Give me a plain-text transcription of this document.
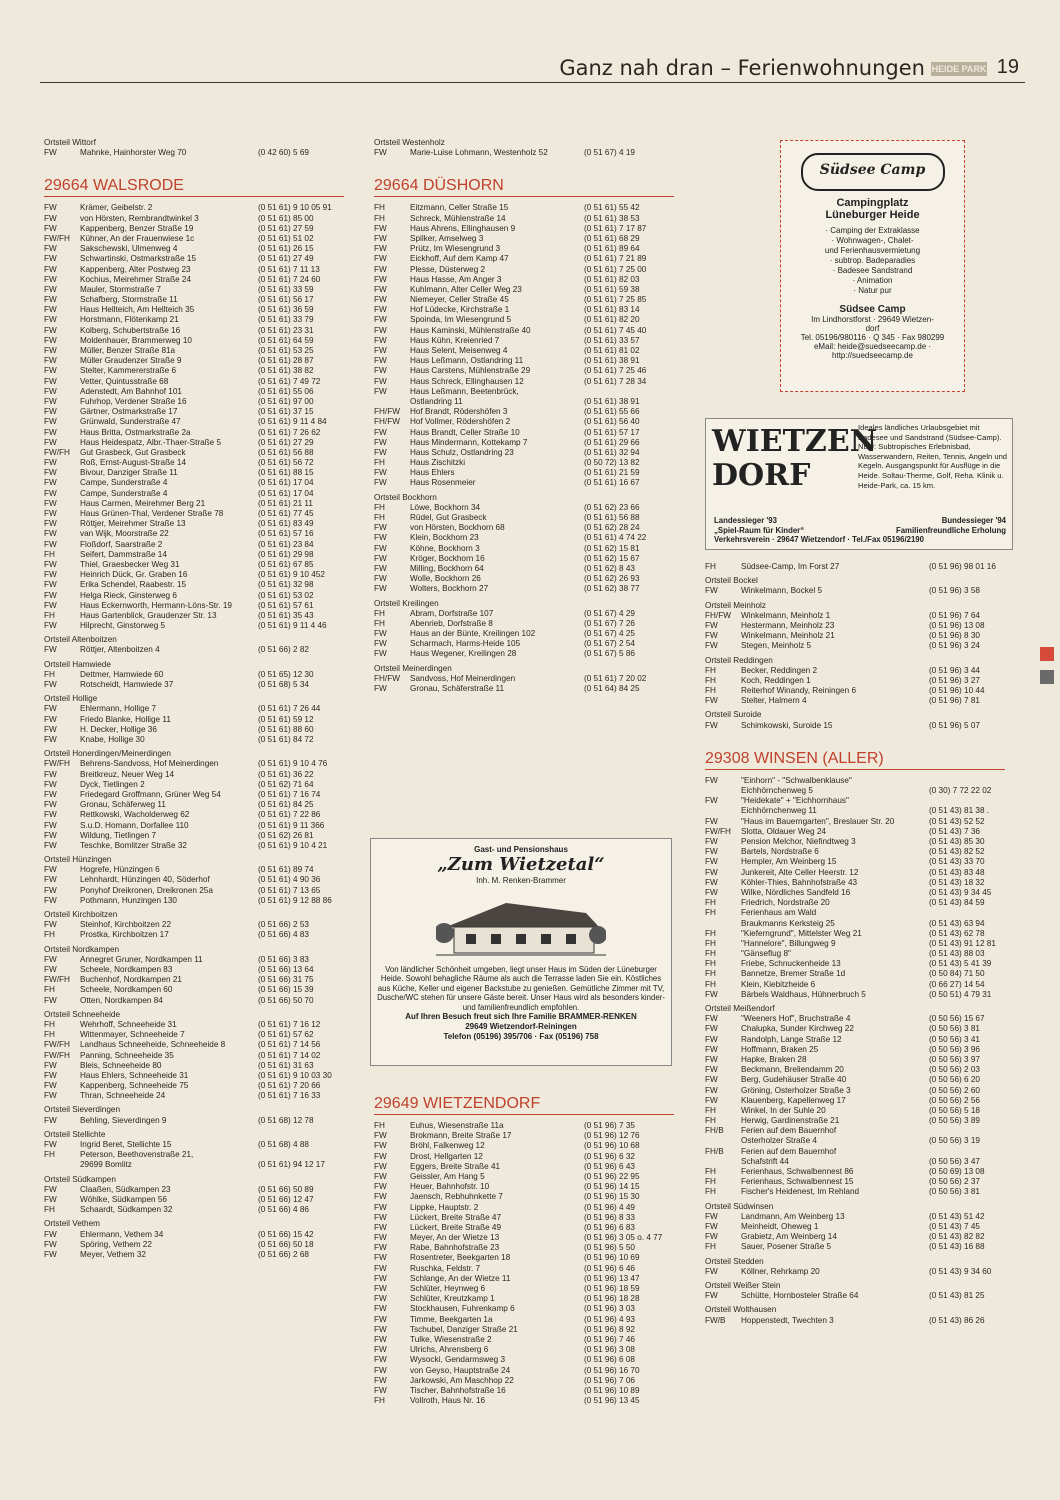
Ganz nah dran – Ferienwohnungen HEIDE PARK 19
Ortsteil Wittorf
FW	Mahnke, Hainhorster Weg 70	(0 42 60) 5 69
29664 WALSRODE
FW	Krämer, Geibelstr. 2	(0 51 61) 9 10 05 91
FW	von Hörsten, Rembrandtwinkel 3	(0 51 61) 85 00
FW	Kappenberg, Benzer Straße 19	(0 51 61) 27 59
FW/FH	Kühner, An der Frauenwiese 1c	(0 51 61) 51 02
FW	Sakschewski, Ulmenweg 4	(0 51 61) 26 15
FW	Schwartinski, Ostmarkstraße 15	(0 51 61) 27 49
FW	Kappenberg, Alter Postweg 23	(0 51 61) 7 11 13
FW	Kochius, Meirehmer Straße 24	(0 51 61) 7 24 60
FW	Mauler, Stormstraße 7	(0 51 61) 33 59
FW	Schafberg, Stormstraße 11	(0 51 61) 56 17
FW	Haus Hellteich, Am Hellteich 35	(0 51 61) 36 59
FW	Horstmann, Flötenkamp 21	(0 51 61) 33 79
FW	Kolberg, Schubertstraße 16	(0 51 61) 23 31
FW	Moldenhauer, Brammerweg 10	(0 51 61) 64 59
FW	Müller, Benzer Straße 81a	(0 51 61) 53 25
FW	Müller Graudenzer Straße 9	(0 51 61) 28 87
FW	Stelter, Kammererstraße 6	(0 51 61) 38 82
FW	Vetter, Quintusstraße 68	(0 51 61) 7 49 72
FW	Adenstedt, Am Bahnhof 101	(0 51 61) 55 06
FW	Fuhrhop, Verdener Straße 16	(0 51 61) 97 00
FW	Gärtner, Ostmarkstraße 17	(0 51 61) 37 15
FW	Grünwald, Sunderstraße 47	(0 51 61) 9 11 4 84
FW	Haus Britta, Ostmarkstraße 2a	(0 51 61) 7 26 62
FW	Haus Heidespatz, Albr.-Thaer-Straße 5	(0 51 61) 27 29
FW/FH	Gut Grasbeck, Gut Grasbeck	(0 51 61) 56 88
FW	Roß, Ernst-August-Straße 14	(0 51 61) 56 72
FW	Bivour, Danziger Straße 11	(0 51 61) 88 15
FW	Campe, Sunderstraße 4	(0 51 61) 17 04
FW	Campe, Sunderstraße 4	(0 51 61) 17 04
FW	Haus Carmen, Meirehmer Berg 21	(0 51 61) 21 11
FW	Haus Grünen-Thal, Verdener Straße 78	(0 51 61) 77 45
FW	Röttjer, Meirehmer Straße 13	(0 51 61) 83 49
FW	van Wijk, Moorstraße 22	(0 51 61) 57 16
FW	Floßdorf, Saarstraße 2	(0 51 61) 23 84
FH	Seifert, Dammstraße 14	(0 51 61) 29 98
FW	Thiel, Graesbecker Weg 31	(0 51 61) 67 85
FW	Heinrich Dück, Gr. Graben 16	(0 51 61) 9 10 452
FW	Erika Schendel, Raabestr. 15	(0 51 61) 32 98
FW	Helga Rieck, Ginsterweg 6	(0 51 61) 53 02
FW	Haus Eckernworth, Hermann-Löns-Str. 19	(0 51 61) 57 61
FH	Haus Gartenblick, Graudenzer Str. 13	(0 51 61) 35 43
FW	Hilprecht, Ginstorweg 5	(0 51 61) 9 11 4 46
Ortsteil Altenboitzen
FW	Röttjer, Altenboitzen 4	(0 51 66) 2 82
Ortsteil Hamwiede
FH	Dettmer, Hamwiede 60	(0 51 65) 12 30
FW	Rotscheidt, Hamwiede 37	(0 51 68) 5 34
Ortsteil Hollige
FW	Ehlermann, Hollige 7	(0 51 61) 7 26 44
FW	Friedo Blanke, Hollige 11	(0 51 61) 59 12
FW	H. Decker, Hollige 36	(0 51 61) 88 60
FW	Knabe, Hollige 30	(0 51 61) 84 72
Ortsteil Honerdingen/Meinerdingen
FW/FH	Behrens-Sandvoss, Hof Meinerdingen	(0 51 61) 9 10 4 76
FW	Breitkreuz, Neuer Weg 14	(0 51 61) 36 22
FW	Dyck, Tietlingen 2	(0 51 62) 71 64
FW	Friedegard Groffmann, Grüner Weg 54	(0 51 61) 7 16 74
FW	Gronau, Schäferweg 11	(0 51 61) 84 25
FW	Rettkowski, Wacholderweg 62	(0 51 61) 7 22 86
FW	S.u.D. Homann, Dorfallee 110	(0 51 61) 9 11 366
FW	Wildung, Tietlingen 7	(0 51 62) 26 81
FW	Teschke, Bomlitzer Straße 32	(0 51 61) 9 10 4 21
Ortsteil Hünzingen
FW	Hogrefe, Hünzingen 6	(0 51 61) 89 74
FW	Lehnhardt, Hünzingen 40, Söderhof	(0 51 61) 4 90 36
FW	Ponyhof Dreikronen, Dreikronen 25a	(0 51 61) 7 13 65
FW	Pothmann, Hunzingen 130	(0 51 61) 9 12 88 86
Ortsteil Kirchboitzen
FW	Steinhof, Kirchboitzen 22	(0 51 66) 2 53
FH	Prostka, Kirchboitzen 17	(0 51 66) 4 83
Ortsteil Nordkampen
FW	Annegret Gruner, Nordkampen 11	(0 51 66) 3 83
FW	Scheele, Nordkampen 83	(0 51 66) 13 64
FW/FH	Buchenhof, Nordkampen 21	(0 51 66) 31 75
FH	Scheele, Nordkampen 60	(0 51 66) 15 39
FW	Otten, Nordkampen 84	(0 51 66) 50 70
Ortsteil Schneeheide
FH	Wehrhoff, Schneeheide 31	(0 51 61) 7 16 12
FH	Wittenmayer, Schneeheide 7	(0 51 61) 57 62
FW/FH	Landhaus Schneeheide, Schneeheide 8	(0 51 61) 7 14 56
FW/FH	Panning, Schneeheide 35	(0 51 61) 7 14 02
FW	Bleis, Schneeheide 80	(0 51 61) 31 63
FW	Haus Ehlers, Schneeheide 31	(0 51 61) 9 10 03 30
FW	Kappenberg, Schneeheide 75	(0 51 61) 7 20 66
FW	Thran, Schneeheide 24	(0 51 61) 7 16 33
Ortsteil Sieverdingen
FW	Behling, Sieverdingen 9	(0 51 68) 12 78
Ortsteil Stellichte
FW	Ingrid Beret, Stellichte 15	(0 51 68) 4 88
FH	Peterson, Beethovenstraße 21,
29699 Bomlitz	(0 51 61) 94 12 17
Ortsteil Südkampen
FW	Claaßen, Südkampen 23	(0 51 66) 50 89
FW	Wöhlke, Südkampen 56	(0 51 66) 12 47
FH	Schaardt, Südkampen 32	(0 51 66) 4 86
Ortsteil Vethem
FW	Ehlermann, Vethem 34	(0 51 66) 15 42
FW	Spöring, Vethem 22	(0 51 66) 50 18
FW	Meyer, Vethem 32	(0 51 66) 2 68
Ortsteil Westenholz
FW	Marie-Luise Lohmann, Westenholz 52	(0 51 67) 4 19
29664 DÜSHORN
FH	Eitzmann, Celler Straße 15	(0 51 61) 55 42
FH	Schreck, Mühlenstraße 14	(0 51 61) 38 53
FW	Haus Ahrens, Ellinghausen 9	(0 51 61) 7 17 87
FW	Spilker, Amselweg 3	(0 51 61) 68 29
FW	Prütz, Im Wiesengrund 3	(0 51 61) 89 64
FW	Eickhoff, Auf dem Kamp 47	(0 51 61) 7 21 89
FW	Plesse, Düsterweg 2	(0 51 61) 7 25 00
FW	Haus Hasse, Am Anger 3	(0 51 61) 82 03
FW	Kuhlmann, Alter Celler Weg 23	(0 51 61) 59 38
FW	Niemeyer, Celler Straße 45	(0 51 61) 7 25 85
FW	Hof Lüdecke, Kirchstraße 1	(0 51 61) 83 14
FW	Spoinda, Im Wiesengrund 5	(0 51 61) 82 20
FW	Haus Kaminski, Mühlenstraße 40	(0 51 61) 7 45 40
FW	Haus Kühn, Kreienried 7	(0 51 61) 33 57
FW	Haus Selent, Meisenweg 4	(0 51 61) 81 02
FW	Haus Leßmann, Ostlandring 11	(0 51 61) 38 91
FW	Haus Carstens, Mühlenstraße 29	(0 51 61) 7 25 46
FW	Haus Schreck, Ellinghausen 12	(0 51 61) 7 28 34
FW	Haus Leßmann, Beetenbrück,
Ostlandring 11	(0 51 61) 38 91
FH/FW	Hof Brandt, Rödershöfen 3	(0 51 61) 55 66
FH/FW	Hof Vollmer, Rödershöfen 2	(0 51 61) 56 40
FW	Haus Brandt, Celler Straße 10	(0 51 61) 57 17
FW	Haus Mindermann, Kottekamp 7	(0 51 61) 29 66
FW	Haus Schulz, Ostlandring 23	(0 51 61) 32 94
FH	Haus Zischitzki	(0 50 72) 13 82
FW	Haus Ehlers	(0 51 61) 21 59
FW	Haus Rosenmeier	(0 51 61) 16 67
Ortsteil Bockhorn
FH	Löwe, Bockhorn 34	(0 51 62) 23 66
FH	Rüdel, Gut Grasbeck	(0 51 61) 56 88
FW	von Hörsten, Bockhorn 68	(0 51 62) 28 24
FW	Klein, Bockhorn 23	(0 51 61) 4 74 22
FW	Köhne, Bockhorn 3	(0 51 62) 15 81
FW	Kröger, Bockhorn 16	(0 51 62) 15 67
FW	Milling, Bockhorn 64	(0 51 62) 8 43
FW	Wolle, Bockhorn 26	(0 51 62) 26 93
FW	Wolters, Bockhorn 27	(0 51 62) 38 77
Ortsteil Kreilingen
FH	Abram, Dorfstraße 107	(0 51 67) 4 29
FH	Abenrieb, Dorfstraße 8	(0 51 67) 7 26
FW	Haus an der Bünte, Kreilingen 102	(0 51 67) 4 25
FW	Scharmach, Harms-Heide 105	(0 51 67) 2 54
FW	Haus Wegener, Kreilingen 28	(0 51 67) 5 86
Ortsteil Meinerdingen
FH/FW	Sandvoss, Hof Meinerdingen	(0 51 61) 7 20 02
FW	Gronau, Schäferstraße 11	(0 51 64) 84 25
29649 WIETZENDORF
FH	Euhus, Wiesenstraße 11a	(0 51 96) 7 35
FW	Brokmann, Breite Straße 17	(0 51 96) 12 76
FW	Bröhl, Falkenweg 12	(0 51 96) 10 68
FW	Drost, Hellgarten 12	(0 51 96) 6 32
FW	Eggers, Breite Straße 41	(0 51 96) 6 43
FW	Geissler, Am Hang 5	(0 51 96) 22 95
FW	Heuer, Bahnhofstr. 10	(0 51 96) 14 15
FW	Jaensch, Rebhuhnkette 7	(0 51 96) 15 30
FW	Lippke, Hauptstr. 2	(0 51 96) 4 49
FW	Lückert, Breite Straße 47	(0 51 96) 8 33
FW	Lückert, Breite Straße 49	(0 51 96) 6 83
FW	Meyer, An der Wietze 13	(0 51 96) 3 05 o. 4 77
FW	Rabe, Bahnhofstraße 23	(0 51 96) 5 50
FW	Rosentreter, Beekgarten 18	(0 51 96) 10 69
FW	Ruschka, Feldstr. 7	(0 51 96) 6 46
FW	Schlange, An der Wietze 11	(0 51 96) 13 47
FW	Schlüter, Heynweg 6	(0 51 96) 18 59
FW	Schlüter, Kreutzkamp 1	(0 51 96) 18 28
FW	Stockhausen, Fuhrenkamp 6	(0 51 96) 3 03
FW	Timme, Beekgarten 1a	(0 51 96) 4 93
FW	Tschubel, Danziger Straße 21	(0 51 96) 8 92
FW	Tulke, Wiesenstraße 2	(0 51 96) 7 46
FW	Ulrichs, Ahrensberg 6	(0 51 96) 3 08
FW	Wysocki, Gendarmsweg 3	(0 51 96) 6 08
FW	von Geyso, Hauptstraße 24	(0 51 96) 16 70
FW	Jarkowski, Am Maschhop 22	(0 51 96) 7 06
FW	Tischer, Bahnhofstraße 16	(0 51 96) 10 89
FH	Vollroth, Haus Nr. 16	(0 51 96) 13 45
FH	Südsee-Camp, Im Forst 27	(0 51 96) 98 01 16
Ortsteil Bockel
FW	Winkelmann, Bockel 5	(0 51 96) 3 58
Ortsteil Meinholz
FH/FW	Winkelmann, Meinholz 1	(0 51 96) 7 64
FW	Hestermann, Meinholz 23	(0 51 96) 13 08
FW	Winkelmann, Meinholz 21	(0 51 96) 8 30
FW	Stegen, Meinholz 5	(0 51 96) 3 24
Ortsteil Reddingen
FH	Becker, Reddingen 2	(0 51 96) 3 44
FH	Koch, Reddingen 1	(0 51 96) 3 27
FH	Reiterhof Winandy, Reiningen 6	(0 51 96) 10 44
FW	Stelter, Halmern 4	(0 51 96) 7 81
Ortsteil Suroide
FW	Schimkowski, Suroide 15	(0 51 96) 5 07
29308 WINSEN (ALLER)
FW	"Einhorn" - "Schwalbenklause"
Eichhörnchenweg 5	(0 30) 7 72 22 02
FW	"Heidekate" + "Eichhornhaus"
Eichhörnchenweg 11	(0 51 43) 81 38 .
FW	"Haus im Bauerngarten", Breslauer Str. 20	(0 51 43) 52 52
FW/FH	Slotta, Oldauer Weg 24	(0 51 43) 7 36
FW	Pension Melchor, Niefindtweg 3	(0 51 43) 85 30
FW	Bartels, Nordstraße 6	(0 51 43) 82 52
FW	Hempler, Am Weinberg 15	(0 51 43) 33 70
FW	Junkereit, Alte Celler Heerstr. 12	(0 51 43) 83 48
FW	Köhler-Thies, Bahnhofstraße 43	(0 51 43) 18 32
FW	Wilke, Nördliches Sandfeld 16	(0 51 43) 9 34 45
FH	Friedrich, Nordstraße 20	(0 51 43) 84 59
FH	Ferienhaus am Wald
Braukmanns Kerksteig 25	(0 51 43) 63 94
FH	"Kieferngrund", Mittelster Weg 21	(0 51 43) 62 78
FH	"Hannelore", Billungweg 9	(0 51 43) 91 12 81
FH	"Gänseflug 8"	(0 51 43) 88 03
FH	Friebe, Schnuckenheide 13	(0 51 43) 5 41 39
FH	Bannetze, Bremer Straße 1d	(0 50 84) 71 50
FH	Klein, Kiebitzheide 6	(0 66 27) 14 54
FW	Bärbels Waldhaus, Hühnerbruch 5	(0 50 51) 4 79 31
Ortsteil Meißendorf
FW	"Weeners Hof", Bruchstraße 4	(0 50 56) 15 67
FW	Chalupka, Sunder Kirchweg 22	(0 50 56) 3 81
FW	Randolph, Lange Straße 12	(0 50 56) 3 41
FW	Hoffmann, Braken 25	(0 50 56) 3 96
FW	Hapke, Braken 28	(0 50 56) 3 97
FW	Beckmann, Breliendamm 20	(0 50 56) 2 03
FW	Berg, Gudehäuser Straße 40	(0 50 56) 6 20
FW	Gröning, Osterholzer Straße 3	(0 50 56) 2 60
FW	Klauenberg, Kapellenweg 17	(0 50 56) 2 56
FH	Winkel, In der Suhle 20	(0 50 56) 5 18
FH	Herwig, Gardinenstraße 21	(0 50 56) 3 89
FH/B	Ferien auf dem Bauernhof
Osterholzer Straße 4	(0 50 56) 3 19
FH/B	Ferien auf dem Bauernhof
Schafstrift 44	(0 50 56) 3 47
FH	Ferienhaus, Schwalbennest 86	(0 50 69) 13 08
FH	Ferienhaus, Schwalbennest 15	(0 50 56) 2 37
FH	Fischer's Heidenest, Im Rehland	(0 50 56) 3 81
Ortsteil Südwinsen
FW	Landmann, Am Weinberg 13	(0 51 43) 51 42
FW	Meinheidt, Oheweg 1	(0 51 43) 7 45
FW	Grabietz, Am Weinberg 14	(0 51 43) 82 82
FH	Sauer, Posener Straße 5	(0 51 43) 16 88
Ortsteil Stedden
FW	Köllner, Rehrkamp 20	(0 51 43) 9 34 60
Ortsteil Weißer Stein
FW	Schütte, Hornbosteler Straße 64	(0 51 43) 81 25
Ortsteil Wolthausen
FW/B	Hoppenstedt, Twechten 3	(0 51 43) 86 26
Südsee Camp
Campingplatz
Lüneburger Heide
· Camping der Extraklasse
· Wohnwagen-, Chalet-
und Ferienhausvermietung
· subtrop. Badeparadies
· Badesee Sandstrand
· Animation
· Natur pur
Südsee Camp
Im Lindhorstforst · 29649 Wietzen-
dorf
Tel. 05196/980116 · Q 345 · Fax 980299
eMail: heide@suedseecamp.de ·
http://suedseecamp.de
WIETZEN
DORF
Ideales ländliches Urlaubsgebiet mit Badesee und Sandstrand (Südsee-Camp). NEU: Subtropisches Erlebnisbad, Wasserwandern, Reiten, Tennis, Angeln und Kegeln. Ausgangspunkt für Ausflüge in die Heide. Soltau-Therme, Golf, Reha. Klinik u. Heide-Park, ca. 15 km.
Landessieger '93	Bundessieger '94
„Spiel-Raum für Kinder“	Familienfreundliche Erholung
Verkehrsverein · 29647 Wietzendorf · Tel./Fax 05196/2190
Gast- und Pensionshaus
„Zum Wietzetal“
Inh. M. Renken-Brammer
Von ländlicher Schönheit umgeben, liegt unser Haus im Süden der Lüneburger Heide. Sowohl behagliche Räume als auch die Terrasse laden Sie ein. Köstliches aus Küche, Keller und eigener Backstube zu genießen. Gemütliche Zimmer mit TV, Dusche/WC stehen für unsere Gäste bereit. Unser Haus wird als besonders kinder- und familienfreundlich empfohlen.
Auf Ihren Besuch freut sich Ihre Familie BRAMMER-RENKEN
29649 Wietzendorf-Reiningen
Telefon (05196) 395/706 · Fax (05196) 758
